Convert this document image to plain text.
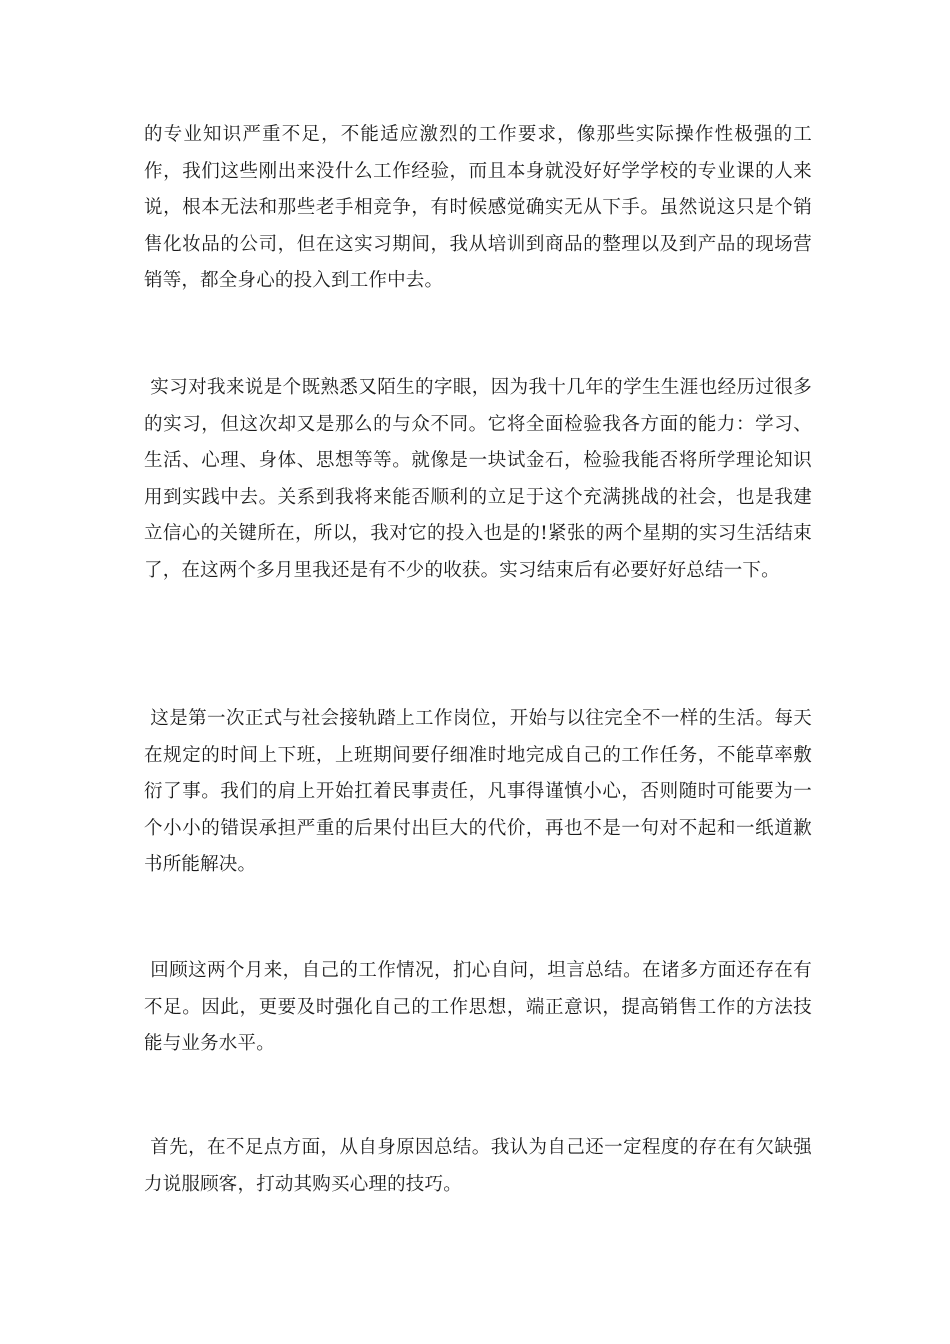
的专业知识严重不足，不能适应激烈的工作要求，像那些实际操作性极强的工作，我们这些刚出来没什么工作经验，而且本身就没好好学学校的专业课的人来说，根本无法和那些老手相竞争，有时候感觉确实无从下手。虽然说这只是个销售化妆品的公司，但在这实习期间，我从培训到商品的整理以及到产品的现场营销等，都全身心的投入到工作中去。

实习对我来说是个既熟悉又陌生的字眼，因为我十几年的学生生涯也经历过很多的实习，但这次却又是那么的与众不同。它将全面检验我各方面的能力：学习、生活、心理、身体、思想等等。就像是一块试金石，检验我能否将所学理论知识用到实践中去。关系到我将来能否顺利的立足于这个充满挑战的社会，也是我建立信心的关键所在，所以，我对它的投入也是的!紧张的两个星期的实习生活结束了，在这两个多月里我还是有不少的收获。实习结束后有必要好好总结一下。

这是第一次正式与社会接轨踏上工作岗位，开始与以往完全不一样的生活。每天在规定的时间上下班，上班期间要仔细准时地完成自己的工作任务，不能草率敷衍了事。我们的肩上开始扛着民事责任，凡事得谨慎小心，否则随时可能要为一个小小的错误承担严重的后果付出巨大的代价，再也不是一句对不起和一纸道歉书所能解决。

回顾这两个月来，自己的工作情况，扪心自问，坦言总结。在诸多方面还存在有不足。因此，更要及时强化自己的工作思想，端正意识，提高销售工作的方法技能与业务水平。

首先，在不足点方面，从自身原因总结。我认为自己还一定程度的存在有欠缺强力说服顾客，打动其购买心理的技巧。
